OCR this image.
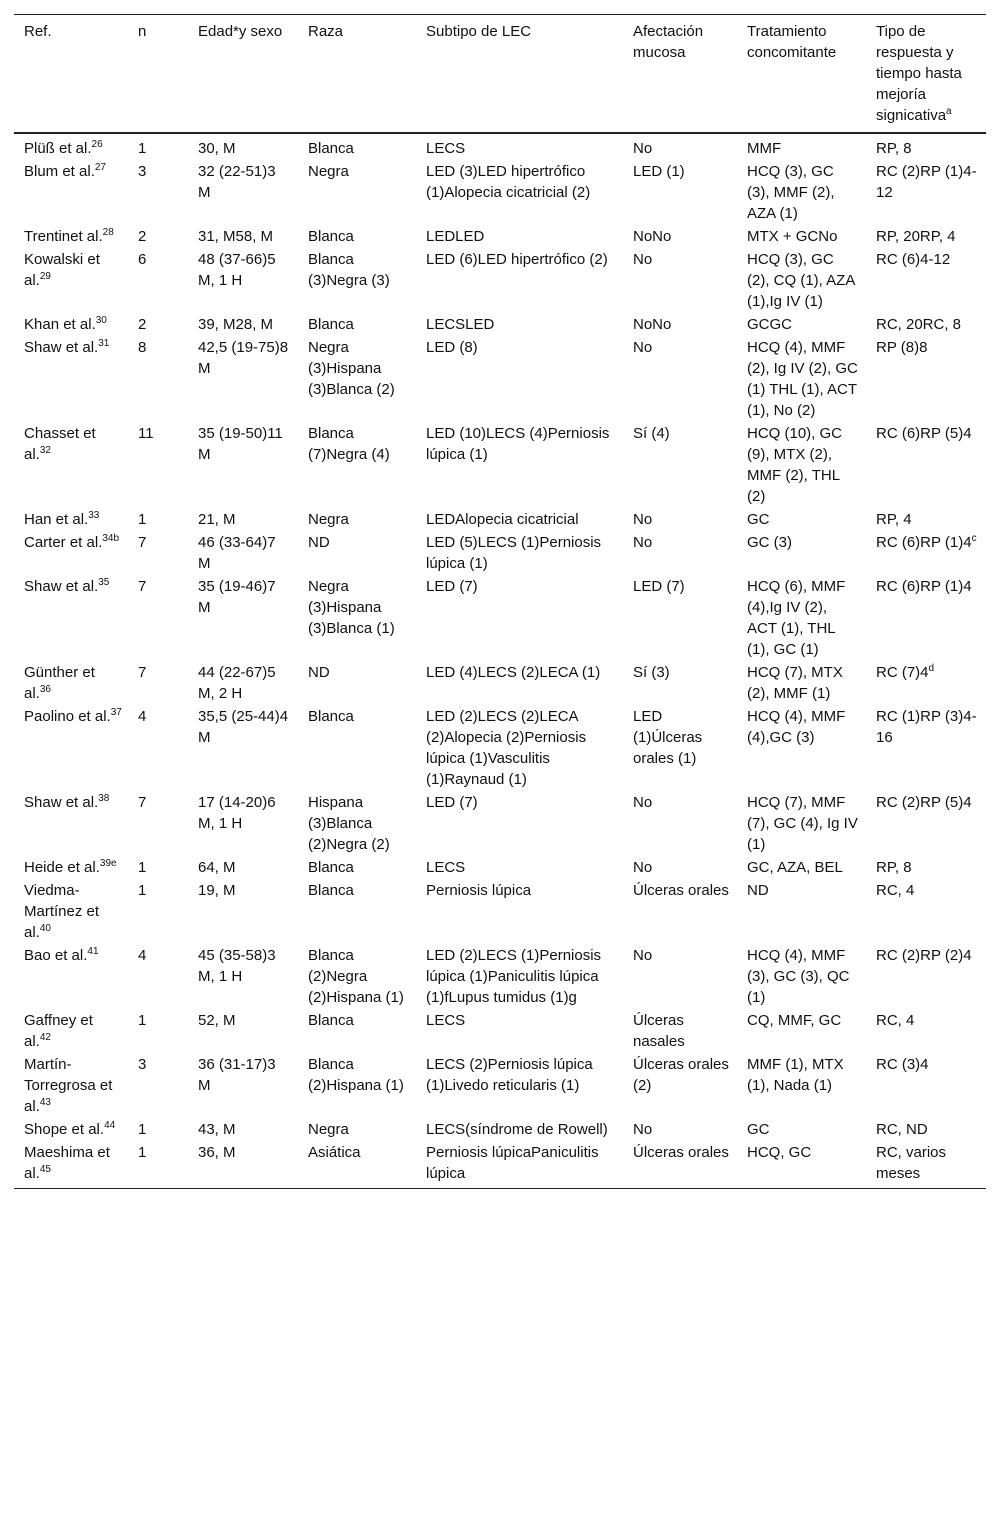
Ref.	n	Edad*y sexo	Raza	Subtipo de LEC	Afectación mucosa	Tratamiento concomitante	Tipo de respuesta y tiempo hasta mejoría signicativa$^a$
Plüß et al.$^{26}$	1	30, M	Blanca	LECS	No	MMF	RP, 8
Blum et al.$^{27}$	3	32 (22-51)3 M	Negra	LED (3)LED hipertrófico (1)Alopecia cicatricial (2)	LED (1)	HCQ (3), GC (3), MMF (2), AZA (1)	RC (2)RP (1)4-12
Trentinet al.$^{28}$	2	31, M58, M	Blanca	LEDLED	NoNo	MTX + GCNo	RP, 20RP, 4
Kowalski et al.$^{29}$	6	48 (37-66)5 M, 1 H	Blanca (3)Negra (3)	LED (6)LED hipertrófico (2)	No	HCQ (3), GC (2), CQ (1), AZA (1),Ig IV (1)	RC (6)4-12
Khan et al.$^{30}$	2	39, M28, M	Blanca	LECSLED	NoNo	GCGC	RC, 20RC, 8
Shaw et al.$^{31}$	8	42,5 (19-75)8 M	Negra (3)Hispana (3)Blanca (2)	LED (8)	No	HCQ (4), MMF (2), Ig IV (2), GC (1) THL (1), ACT (1), No (2)	RP (8)8
Chasset et al.$^{32}$	11	35 (19-50)11 M	Blanca (7)Negra (4)	LED (10)LECS (4)Perniosis lúpica (1)	Sí (4)	HCQ (10), GC (9), MTX (2), MMF (2), THL (2)	RC (6)RP (5)4
Han et al.$^{33}$	1	21, M	Negra	LEDAlopecia cicatricial	No	GC	RP, 4
Carter et al.$^{34b}$	7	46 (33-64)7 M	ND	LED (5)LECS (1)Perniosis lúpica (1)	No	GC (3)	RC (6)RP (1)4$^c$
Shaw et al.$^{35}$	7	35 (19-46)7 M	Negra (3)Hispana (3)Blanca (1)	LED (7)	LED (7)	HCQ (6), MMF (4),Ig IV (2), ACT (1), THL (1), GC (1)	RC (6)RP (1)4
Günther et al.$^{36}$	7	44 (22-67)5 M, 2 H	ND	LED (4)LECS (2)LECA (1)	Sí (3)	HCQ (7), MTX (2), MMF (1)	RC (7)4$^d$
Paolino et al.$^{37}$	4	35,5 (25-44)4 M	Blanca	LED (2)LECS (2)LECA (2)Alopecia (2)Perniosis lúpica (1)Vasculitis (1)Raynaud (1)	LED (1)Úlceras orales (1)	HCQ (4), MMF (4),GC (3)	RC (1)RP (3)4-16
Shaw et al.$^{38}$	7	17 (14-20)6 M, 1 H	Hispana (3)Blanca (2)Negra (2)	LED (7)	No	HCQ (7), MMF (7), GC (4), Ig IV (1)	RC (2)RP (5)4
Heide et al.$^{39e}$	1	64, M	Blanca	LECS	No	GC, AZA, BEL	RP, 8
Viedma-Martínez et al.$^{40}$	1	19, M	Blanca	Perniosis lúpica	Úlceras orales	ND	RC, 4
Bao et al.$^{41}$	4	45 (35-58)3 M, 1 H	Blanca (2)Negra (2)Hispana (1)	LED (2)LECS (1)Perniosis lúpica (1)Paniculitis lúpica (1)fLupus tumidus (1)g	No	HCQ (4), MMF (3), GC (3), QC (1)	RC (2)RP (2)4
Gaffney et al.$^{42}$	1	52, M	Blanca	LECS	Úlceras nasales	CQ, MMF, GC	RC, 4
Martín-Torregrosa et al.$^{43}$	3	36 (31-17)3 M	Blanca (2)Hispana (1)	LECS (2)Perniosis lúpica (1)Livedo reticularis (1)	Úlceras orales (2)	MMF (1), MTX (1), Nada (1)	RC (3)4
Shope et al.$^{44}$	1	43, M	Negra	LECS(síndrome de Rowell)	No	GC	RC, ND
Maeshima et al.$^{45}$	1	36, M	Asiática	Perniosis lúpicaPaniculitis lúpica	Úlceras orales	HCQ, GC	RC, varios meses
